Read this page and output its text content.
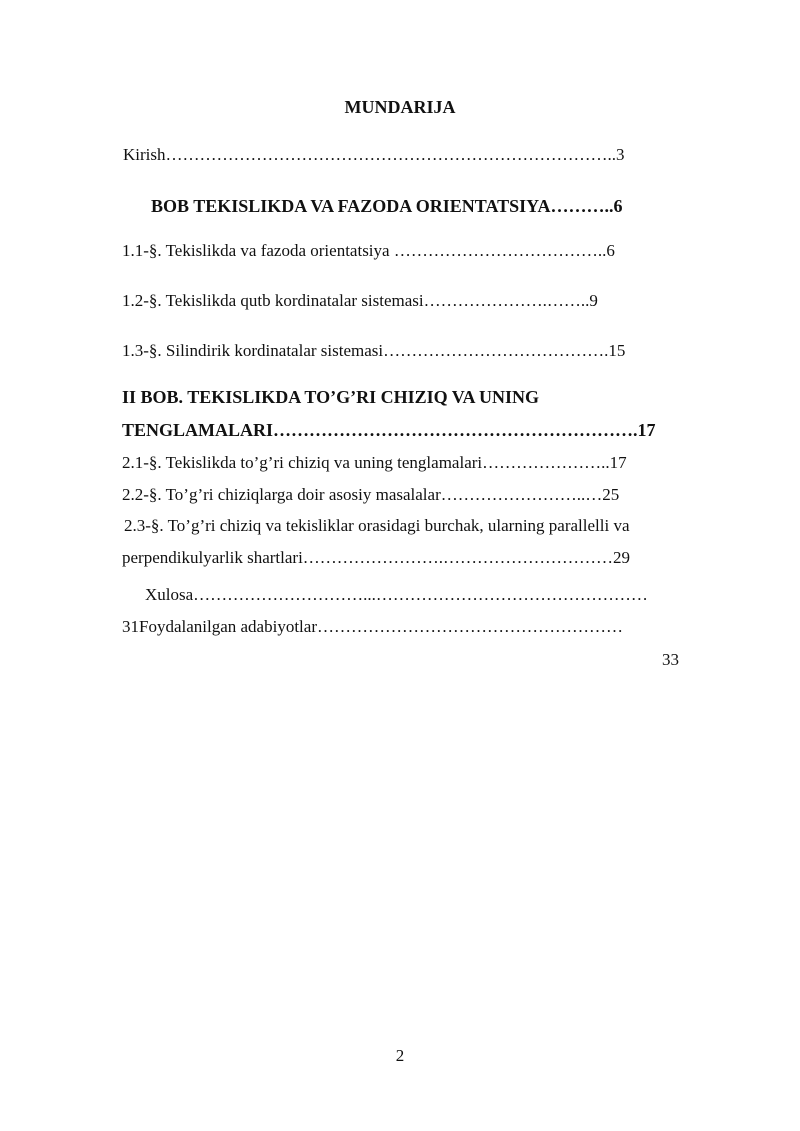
MUNDARIJA
Kirish……………………………………………………………………..3
BOB TEKISLIKDA VA FAZODA ORIENTATSIYA………..6
1.1-§. Tekislikda va fazoda orientatsiya ………………………………..6
1.2-§. Tekislikda qutb kordinatalar sistemasi………………….……..9
1.3-§. Silindirik kordinatalar sistemasi………………………………….15
II BOB. TEKISLIKDA TO’G’RI CHIZIQ VA UNING
TENGLAMALARI…………………………………………………….17
2.1-§. Tekislikda to’g’ri chiziq va uning tenglamalari…………………..17
2.2-§. To’g’ri chiziqlarga doir asosiy masalalar……………………..…25
2.3-§. To’g’ri chiziq va tekisliklar orasidagi burchak, ularning parallelli va
perpendikulyarlik shartlari…………………….…………………………29
Xulosa…………………………...…………………………………………
31Foydalanilgan adabiyotlar………………………………………………
33
2
